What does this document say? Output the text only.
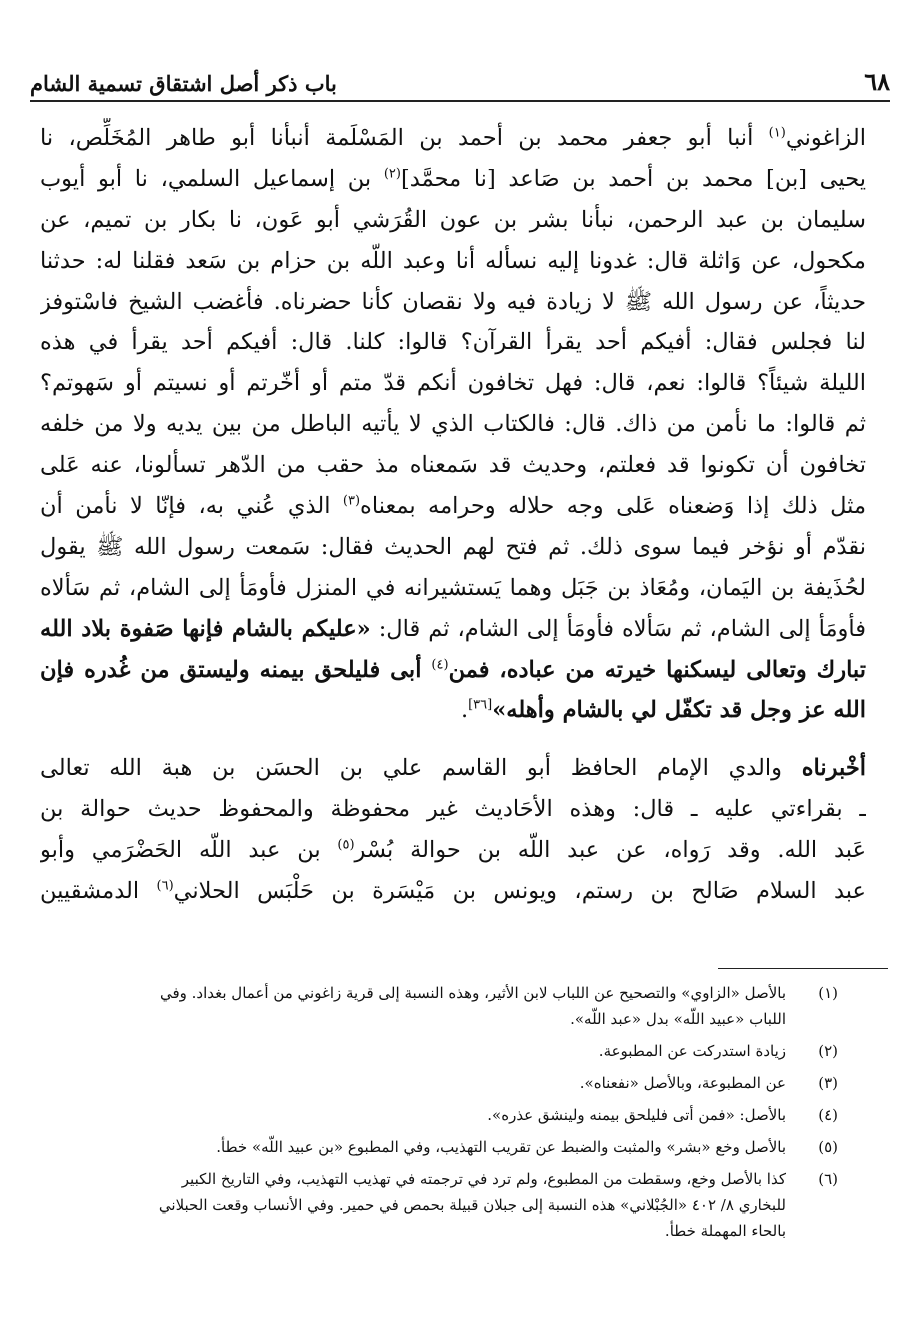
باب ذكر أصل اشتقاق تسمية الشام	٦٨
الزاغوني$^{(١)}$ أنبا أبو جعفر محمد بن أحمد بن المَسْلَمة أنبأنا أبو طاهر المُخَلِّص، نا
يحيى [بن] محمد بن أحمد بن صَاعد [نا محمَّد]$^{(٢)}$ بن إسماعيل السلمي، نا أبو أيوب
سليمان بن عبد الرحمن، نبأنا بشر بن عون القُرَشي أبو عَون، نا بكار بن تميم، عن
مكحول، عن وَاثلة قال: غدونا إليه نسأله أنا وعبد اللّه بن حزام بن سَعد فقلنا له: حدثنا
حديثاً، عن رسول الله ﷺ لا زيادة فيه ولا نقصان كأنا حضرناه. فأغضب الشيخ فاسْتوفز
لنا فجلس فقال: أفيكم أحد يقرأ القرآن؟ قالوا: كلنا. قال: أفيكم أحد يقرأ في هذه
الليلة شيئاً؟ قالوا: نعم، قال: فهل تخافون أنكم قدّ متم أو أخّرتم أو نسيتم أو سَهوتم؟
ثم قالوا: ما نأمن من ذاك. قال: فالكتاب الذي لا يأتيه الباطل من بين يديه ولا من خلفه
تخافون أن تكونوا قد فعلتم، وحديث قد سَمعناه مذ حقب من الدّهر تسألونا، عنه عَلى
مثل ذلك إذا وَضعناه عَلى وجه حلاله وحرامه بمعناه$^{(٣)}$ الذي عُني به، فإنّا لا نأمن أن
نقدّم أو نؤخر فيما سوى ذلك. ثم فتح لهم الحديث فقال: سَمعت رسول الله ﷺ يقول
لحُذَيفة بن اليَمان، ومُعَاذ بن جَبَل وهما يَستشيرانه في المنزل فأومَأ إلى الشام، ثم سَألاه
فأومَأ إلى الشام، ثم سَألاه فأومَأ إلى الشام، ثم قال: «عليكم بالشام فإنها صَفوة بلاد الله
تبارك وتعالى ليسكنها خيرته من عباده، فمن$^{(٤)}$ أبى فليلحق بيمنه وليستق من غُدره فإن
الله عز وجل قد تكفّل لي بالشام وأهله»[٣٦].
أخْبرناه والدي الإمام الحافظ أبو القاسم علي بن الحسَن بن هبة الله تعالى
ـ بقراءتي عليه ـ قال: وهذه الأحَاديث غير محفوظة والمحفوظ حديث حوالة بن
عَبد الله. وقد رَواه، عن عبد اللّه بن حوالة بُسْر$^{(٥)}$ بن عبد اللّه الحَضْرَمي وأبو
عبد السلام صَالح بن رستم، ويونس بن مَيْسَرة بن حَلْبَس الحلاني$^{(٦)}$ الدمشقيين
(١)
بالأصل «الزاوي» والتصحيح عن اللباب لابن الأثير، وهذه النسبة إلى قرية زاغوني من أعمال بغداد. وفي
اللباب «عبيد اللّه» بدل «عبد اللّه».
(٢)
زيادة استدركت عن المطبوعة.
(٣)
عن المطبوعة، وبالأصل «نفعناه».
(٤)
بالأصل: «فمن أتى فليلحق بيمنه ولينشق عذره».
(٥)
بالأصل وخع «بشر» والمثبت والضبط عن تقريب التهذيب، وفي المطبوع «بن عبيد اللّه» خطأ.
(٦)
كذا بالأصل وخع، وسقطت من المطبوع، ولم ترد في ترجمته في تهذيب التهذيب، وفي التاريخ الكبير
للبخاري ٨/ ٤٠٢ «الجُبْلاني» هذه النسبة إلى جبلان قبيلة بحمص في حمير. وفي الأنساب وقعت الحبلاني
بالحاء المهملة خطأ.
